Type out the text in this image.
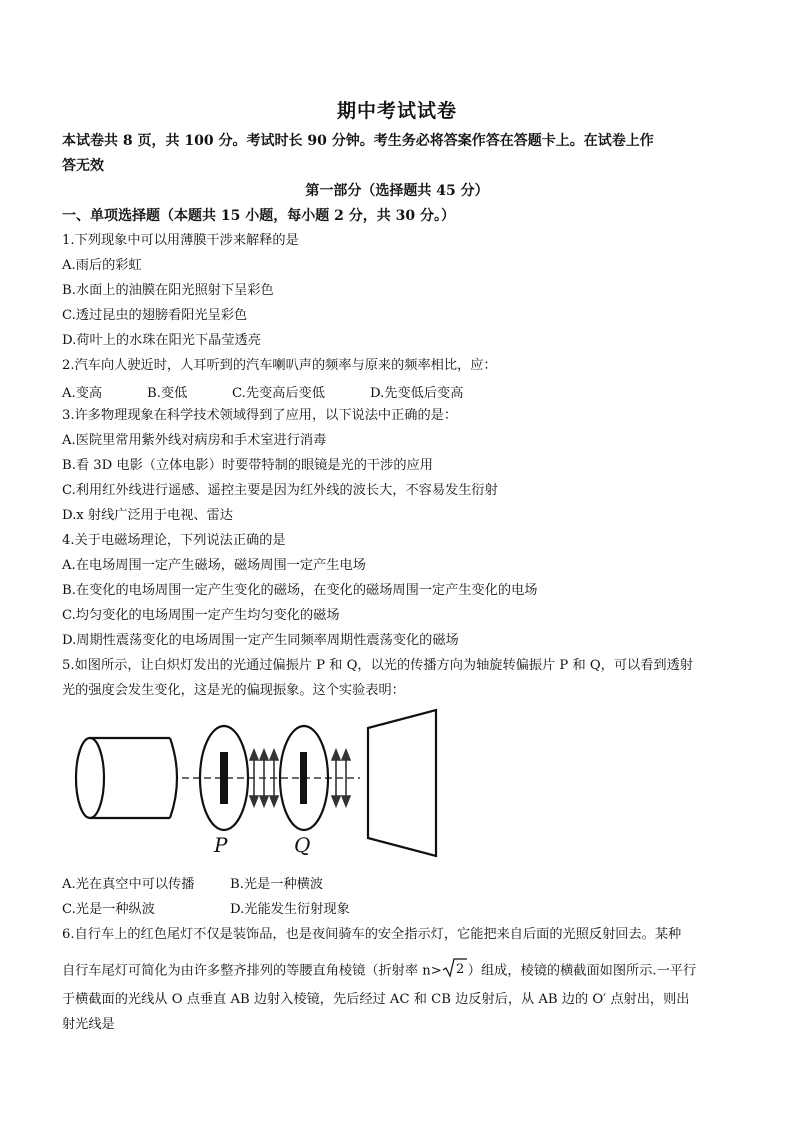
期中考试试卷
本试卷共 8 页，共 100 分。考试时长 90 分钟。考生务必将答案作答在答题卡上。在试卷上作
答无效
第一部分（选择题共 45 分）
一、单项选择题（本题共 15 小题，每小题 2 分，共 30 分。）
1.下列现象中可以用薄膜干涉来解释的是
A.雨后的彩虹
B.水面上的油膜在阳光照射下呈彩色
C.透过昆虫的翅膀看阳光呈彩色
D.荷叶上的水珠在阳光下晶莹透亮
2.汽车向人驶近时，人耳听到的汽车喇叭声的频率与原来的频率相比，应：
A.变高	B.变低	C.先变高后变低	D.先变低后变高
3.许多物理现象在科学技术领域得到了应用，以下说法中正确的是：
A.医院里常用紫外线对病房和手术室进行消毒
B.看 3D 电影（立体电影）时要带特制的眼镜是光的干涉的应用
C.利用红外线进行遥感、遥控主要是因为红外线的波长大，不容易发生衍射
D.x 射线广泛用于电视、雷达
4.关于电磁场理论，下列说法正确的是
A.在电场周围一定产生磁场，磁场周围一定产生电场
B.在变化的电场周围一定产生变化的磁场，在变化的磁场周围一定产生变化的电场
C.均匀变化的电场周围一定产生均匀变化的磁场
D.周期性震荡变化的电场周围一定产生同频率周期性震荡变化的磁场
5.如图所示，让白炽灯发出的光通过偏振片 P 和 Q，以光的传播方向为轴旋转偏振片 P 和 Q，可以看到透射
光的强度会发生变化，这是光的偏现振象。这个实验表明：
P	Q
A.光在真空中可以传播	B.光是一种横波
C.光是一种纵波	D.光能发生衍射现象
6.自行车上的红色尾灯不仅是装饰品，也是夜间骑车的安全指示灯，它能把来自后面的光照反射回去。某种
自行车尾灯可简化为由许多整齐排列的等腰直角棱镜（折射率 n> 2 ）组成，棱镜的横截面如图所示.一平行
于横截面的光线从 O 点垂直 AB 边射入棱镜，先后经过 AC 和 CB 边反射后，从 AB 边的 O′ 点射出，则出
射光线是
